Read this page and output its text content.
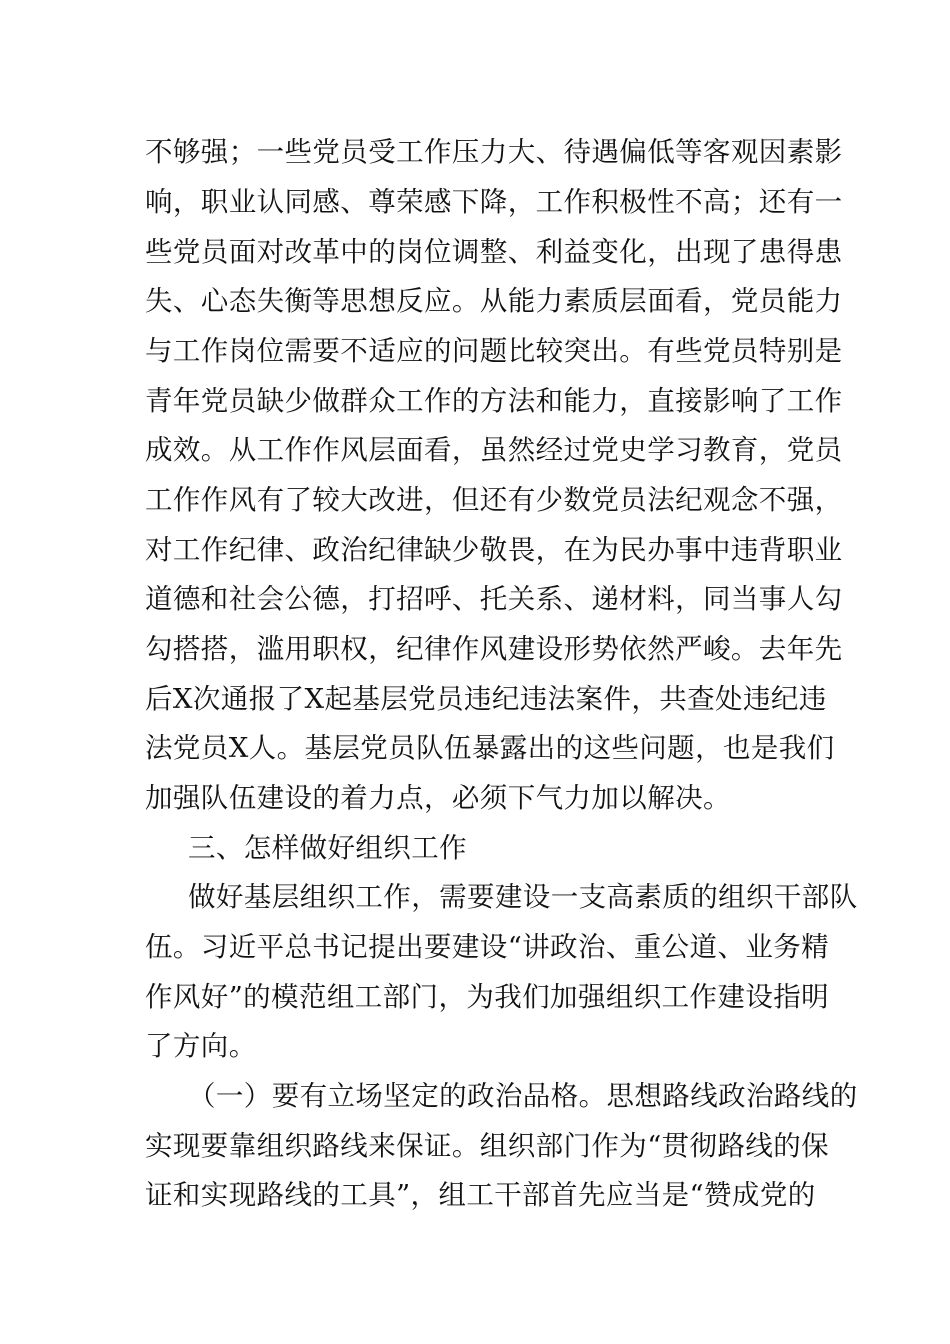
不够强；一些党员受工作压力大、待遇偏低等客观因素影
响，职业认同感、尊荣感下降，工作积极性不高；还有一
些党员面对改革中的岗位调整、利益变化，出现了患得患
失、心态失衡等思想反应。从能力素质层面看，党员能力
与工作岗位需要不适应的问题比较突出。有些党员特别是
青年党员缺少做群众工作的方法和能力，直接影响了工作
成效。从工作作风层面看，虽然经过党史学习教育，党员
工作作风有了较大改进，但还有少数党员法纪观念不强，
对工作纪律、政治纪律缺少敬畏，在为民办事中违背职业
道德和社会公德，打招呼、托关系、递材料，同当事人勾
勾搭搭，滥用职权，纪律作风建设形势依然严峻。去年先
后X次通报了X起基层党员违纪违法案件，共查处违纪违
法党员X人。基层党员队伍暴露出的这些问题，也是我们
加强队伍建设的着力点，必须下气力加以解决。
三、怎样做好组织工作
做好基层组织工作，需要建设一支高素质的组织干部队
伍。习近平总书记提出要建设“讲政治、重公道、业务精
作风好”的模范组工部门，为我们加强组织工作建设指明
了方向。
（一）要有立场坚定的政治品格。思想路线政治路线的
实现要靠组织路线来保证。组织部门作为“贯彻路线的保
证和实现路线的工具”，组工干部首先应当是“赞成党的
